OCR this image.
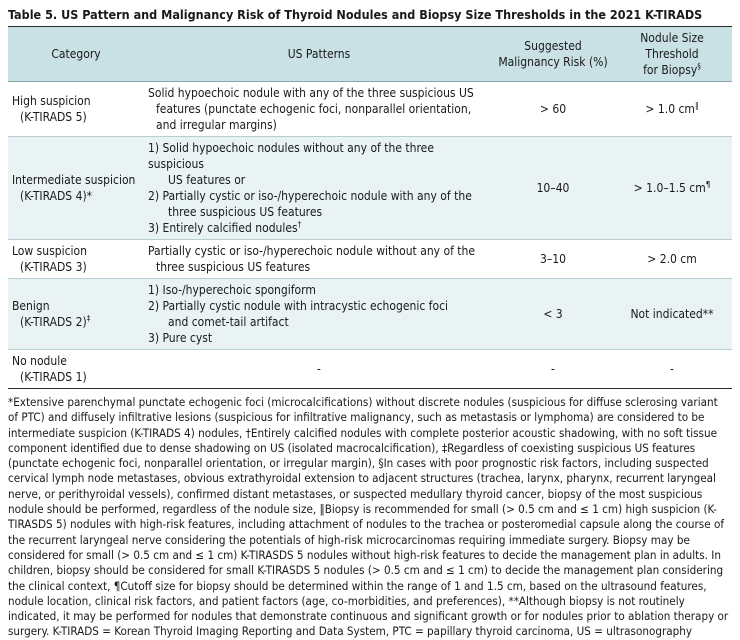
Table 5. US Pattern and Malignancy Risk of Thyroid Nodules and Biopsy Size Thresholds in the 2021 K-TIRADS
Category	US Patterns	Suggested
Malignancy Risk (%)	Nodule Size Threshold
for Biopsy§
High suspicion
(K-TIRADS 5)	Solid hypoechoic nodule with any of the three suspicious US
features (punctate echogenic foci, nonparallel orientation,
and irregular margins)	> 60	> 1.0 cm‖
Intermediate suspicion
(K-TIRADS 4)*	1) Solid hypoechoic nodules without any of the three suspicious
US features or
2) Partially cystic or iso-/hyperechoic nodule with any of the
three suspicious US features
3) Entirely calcified nodules†	10–40	> 1.0–1.5 cm¶
Low suspicion
(K-TIRADS 3)	Partially cystic or iso-/hyperechoic nodule without any of the
three suspicious US features	3–10	> 2.0 cm
Benign
(K-TIRADS 2)‡	1) Iso-/hyperechoic spongiform
2) Partially cystic nodule with intracystic echogenic foci
and comet-tail artifact
3) Pure cyst	< 3	Not indicated**
No nodule
(K-TIRADS 1)	-	-	-
*Extensive parenchymal punctate echogenic foci (microcalcifications) without discrete nodules (suspicious for diffuse sclerosing variant of PTC) and diffusely infiltrative lesions (suspicious for infiltrative malignancy, such as metastasis or lymphoma) are considered to be intermediate suspicion (K-TIRADS 4) nodules, †Entirely calcified nodules with complete posterior acoustic shadowing, with no soft tissue component identified due to dense shadowing on US (isolated macrocalcification), ‡Regardless of coexisting suspicious US features (punctate echogenic foci, nonparallel orientation, or irregular margin), §In cases with poor prognostic risk factors, including suspected cervical lymph node metastases, obvious extrathyroidal extension to adjacent structures (trachea, larynx, pharynx, recurrent laryngeal nerve, or perithyroidal vessels), confirmed distant metastases, or suspected medullary thyroid cancer, biopsy of the most suspicious nodule should be performed, regardless of the nodule size, ‖Biopsy is recommended for small (> 0.5 cm and ≤ 1 cm) high suspicion (K-TIRASDS 5) nodules with high-risk features, including attachment of nodules to the trachea or posteromedial capsule along the course of the recurrent laryngeal nerve considering the potentials of high-risk microcarcinomas requiring immediate surgery. Biopsy may be considered for small (> 0.5 cm and ≤ 1 cm) K-TIRASDS 5 nodules without high-risk features to decide the management plan in adults. In children, biopsy should be considered for small K-TIRASDS 5 nodules (> 0.5 cm and ≤ 1 cm) to decide the management plan considering the clinical context, ¶Cutoff size for biopsy should be determined within the range of 1 and 1.5 cm, based on the ultrasound features, nodule location, clinical risk factors, and patient factors (age, co-morbidities, and preferences), **Although biopsy is not routinely indicated, it may be performed for nodules that demonstrate continuous and significant growth or for nodules prior to ablation therapy or surgery. K-TIRADS = Korean Thyroid Imaging Reporting and Data System, PTC = papillary thyroid carcinoma, US = ultrasonography
